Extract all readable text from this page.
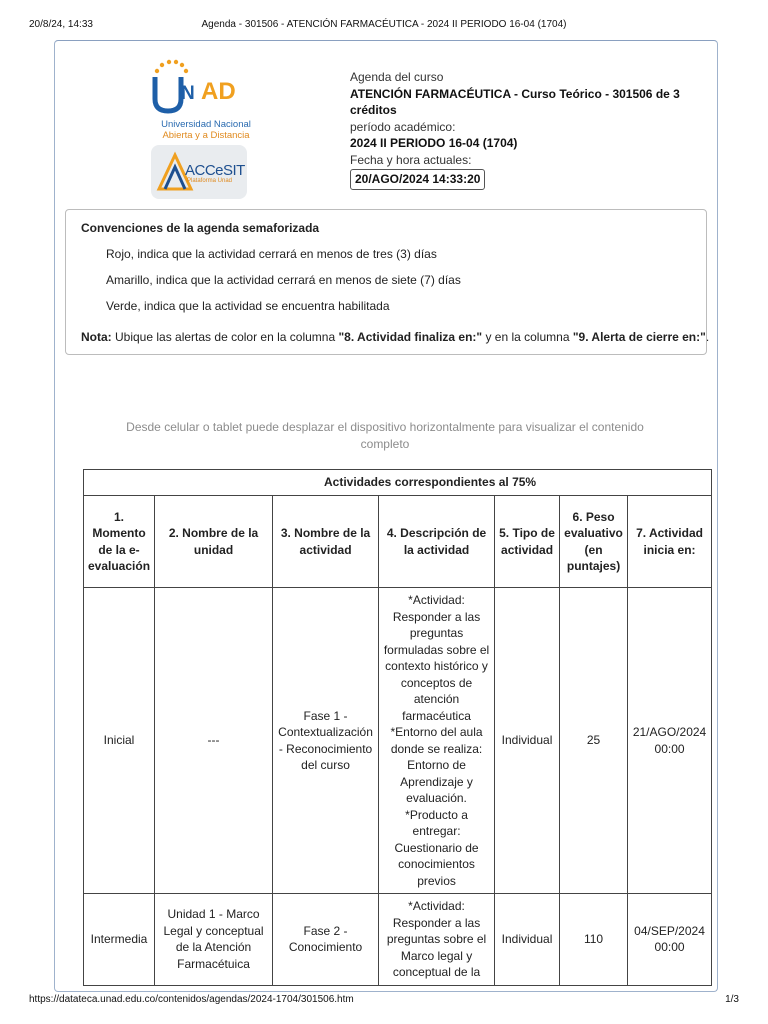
20/8/24, 14:33	Agenda - 301506 - ATENCIÓN FARMACÉUTICA - 2024 II PERIODO 16-04 (1704)
N AD
Universidad Nacional
Abierta y a Distancia
ACCeSIT
Plataforma Unad
Agenda del curso
ATENCIÓN FARMACÉUTICA - Curso Teórico - 301506 de 3 créditos
período académico:
2024 II PERIODO 16-04 (1704)
Fecha y hora actuales:
20/AGO/2024 14:33:20
Convenciones de la agenda semaforizada
Rojo, indica que la actividad cerrará en menos de tres (3) días
Amarillo, indica que la actividad cerrará en menos de siete (7) días
Verde, indica que la actividad se encuentra habilitada
Nota: Ubique las alertas de color en la columna "8. Actividad finaliza en:" y en la columna "9. Alerta de cierre en:".
Desde celular o tablet puede desplazar el dispositivo horizontalmente para visualizar el contenido completo
Actividades correspondientes al 75%						
1. Momento de la e-evaluación	2. Nombre de la unidad	3. Nombre de la actividad	4. Descripción de la actividad	5. Tipo de actividad	6. Peso evaluativo (en puntajes)	7. Actividad inicia en:
Inicial	---	Fase 1 - Contextualización - Reconocimiento del curso	*Actividad: Responder a las preguntas formuladas sobre el contexto histórico y conceptos de atención farmacéutica *Entorno del aula donde se realiza: Entorno de Aprendizaje y evaluación. *Producto a entregar: Cuestionario de conocimientos previos	Individual	25	21/AGO/2024 00:00
Intermedia	Unidad 1 - Marco Legal y conceptual de la Atención Farmacétuica	Fase 2 - Conocimiento	*Actividad: Responder a las preguntas sobre el Marco legal y conceptual de la	Individual	110	04/SEP/2024 00:00
https://datateca.unad.edu.co/contenidos/agendas/2024-1704/301506.htm	1/3
